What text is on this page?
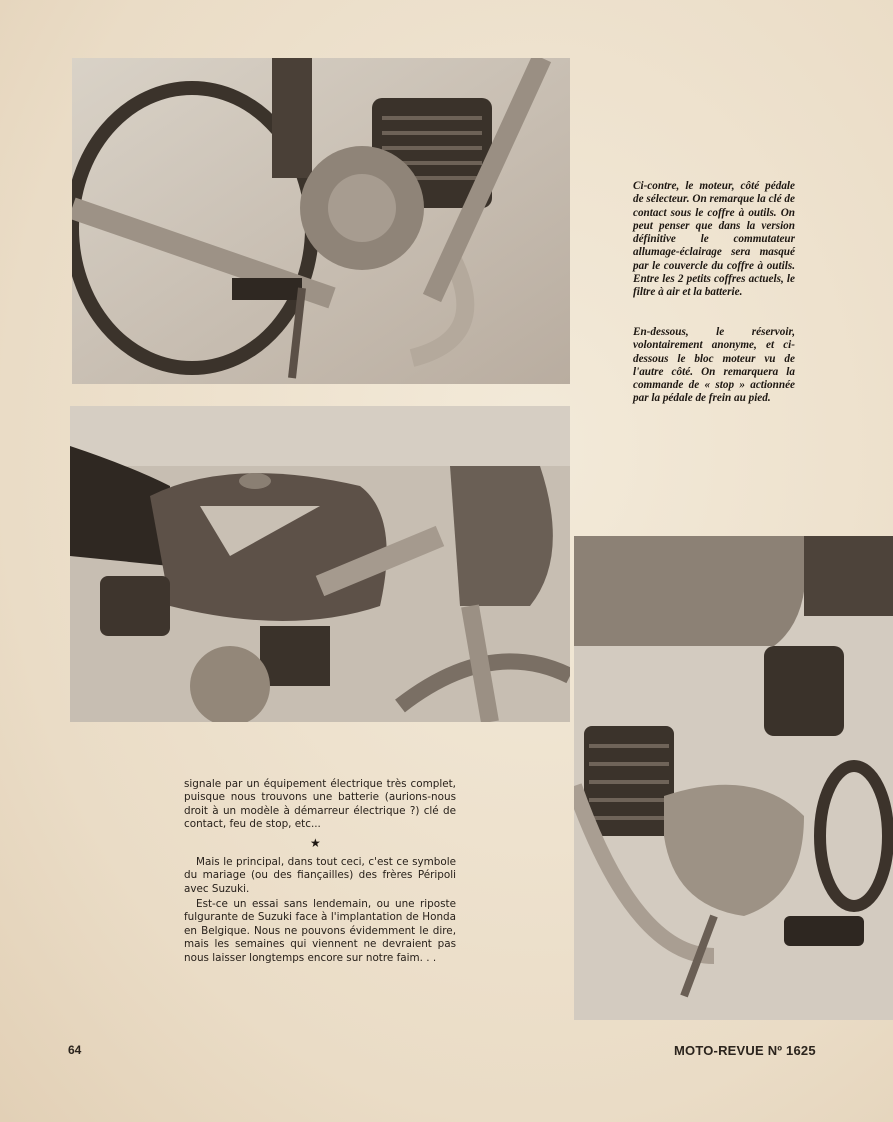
Ci-contre, le moteur, côté pédale de sélecteur. On remarque la clé de contact sous le coffre à outils. On peut penser que dans la version définitive le commutateur allumage-éclairage sera masqué par le couvercle du coffre à outils. Entre les 2 petits coffres actuels, le filtre à air et la batterie.

En-dessous, le réservoir, volontairement anonyme, et ci-dessous le bloc moteur vu de l'autre côté. On remarquera la commande de « stop » actionnée par la pédale de frein au pied.

signale par un équipement électrique très complet, puisque nous trouvons une batterie (aurions-nous droit à un modèle à démarreur électrique ?) clé de contact, feu de stop, etc...

★

Mais le principal, dans tout ceci, c'est ce symbole du mariage (ou des fiançailles) des frères Péripoli avec Suzuki.

Est-ce un essai sans lendemain, ou une riposte fulgurante de Suzuki face à l'implantation de Honda en Belgique. Nous ne pouvons évidemment le dire, mais les semaines qui viennent ne devraient pas nous laisser longtemps encore sur notre faim. . .

64	MOTO-REVUE Nº 1625
